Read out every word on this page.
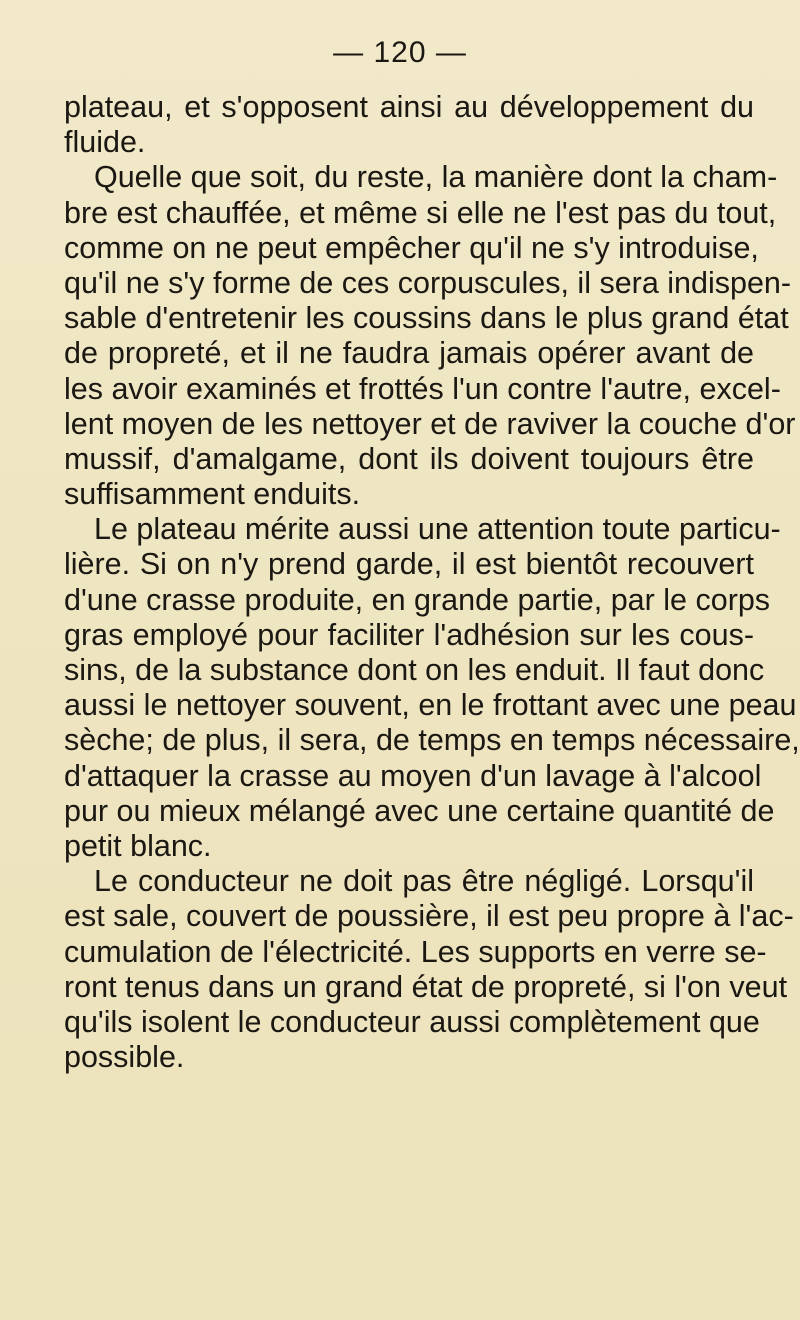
— 120 —
plateau, et s'opposent ainsi au développement du
fluide.
Quelle que soit, du reste, la manière dont la cham-
bre est chauffée, et même si elle ne l'est pas du tout,
comme on ne peut empêcher qu'il ne s'y introduise,
qu'il ne s'y forme de ces corpuscules, il sera indispen-
sable d'entretenir les coussins dans le plus grand état
de propreté, et il ne faudra jamais opérer avant de
les avoir examinés et frottés l'un contre l'autre, excel-
lent moyen de les nettoyer et de raviver la couche d'or
mussif, d'amalgame, dont ils doivent toujours être
suffisamment enduits.
Le plateau mérite aussi une attention toute particu-
lière. Si on n'y prend garde, il est bientôt recouvert
d'une crasse produite, en grande partie, par le corps
gras employé pour faciliter l'adhésion sur les cous-
sins, de la substance dont on les enduit. Il faut donc
aussi le nettoyer souvent, en le frottant avec une peau
sèche; de plus, il sera, de temps en temps nécessaire,
d'attaquer la crasse au moyen d'un lavage à l'alcool
pur ou mieux mélangé avec une certaine quantité de
petit blanc.
Le conducteur ne doit pas être négligé. Lorsqu'il
est sale, couvert de poussière, il est peu propre à l'ac-
cumulation de l'électricité. Les supports en verre se-
ront tenus dans un grand état de propreté, si l'on veut
qu'ils isolent le conducteur aussi complètement que
possible.
